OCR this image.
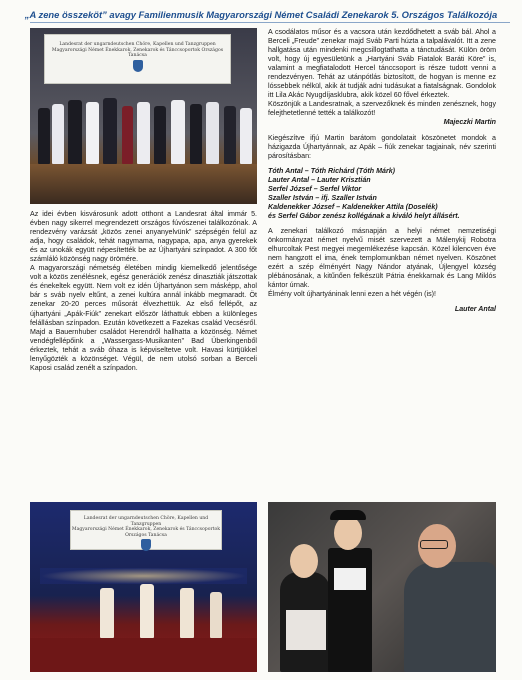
„A zene összeköt” avagy Familienmusik Magyarországi Német Családi Zenekarok 5. Országos Találkozója

Landesrat der ungarndeutschen Chöre, Kapellen und Tanzgruppen
Magyarországi Német Énekkarok, Zenekarok és Tánccsoportok Országos Tanácsa

Az idei évben kisvárosunk adott otthont a Landesrat által immár 5. évben nagy sikerrel megrendezett országos fúvószenei találkozónak. A rendezvény varázsát „közös zenei anyanyelvünk” szépségén felül az adja, hogy családok, tehát nagymama, nagypapa, apa, anya gyerekek és az unokák együtt népesítették be az Újhartyáni színpadot. A 300 főt számláló közönség nagy örömére.

A magyarországi németség életében mindig kiemelkedő jelentősége volt a közös zenélésnek, egész generációk zenész dinasztiák játszottak és énekeltek együtt. Nem volt ez idén Újhartyánon sem másképp, ahol bár s sváb nyelv eltűnt, a zenei kultúra annál inkább megmaradt. Öt zenekar 20-20 perces műsorát élvezhettük. Az első fellépőt, az újhartyáni „Apák-Fiúk” zenekart először láthattuk ebben a különleges felállásban színpadon. Ezután következett a Fazekas család Vecsésről. Majd a Bauernhuber családot Herendről hallhatta a közönség. Német vendégfellépőink a „Wassergass-Musikanten” Bad Überkingenből érkeztek, tehát a sváb óhaza is képviseltetve volt. Havasi kürtjükkel lenyűgözték a közönséget. Végül, de nem utolsó sorban a Berceli Kaposi család zenélt a színpadon.

A csodálatos műsor és a vacsora után kezdődhetett a sváb bál. Ahol a Berceli „Freude” zenekar majd Sváb Parti húzta a talpalávalót. Itt a zene hallgatása után mindenki megcsillogtathatta a tánctudását. Külön öröm volt, hogy új egyesületünk a „Hartyáni Sváb Fiatalok Baráti Köre” is, valamint a megfiatalodott Hercel tánccsoport is része tudott venni a rendezvényen. Tehát az utánpótlás biztosított, de hogyan is menne ez lóssebbek nélkül, akik át tudják adni tudásukat a fiatalságnak. Gondolok itt Lila Akác Nyugdíjasklubra, akik közel 60 fővel érkeztek.

Köszönjük a Landesratnak, a szervezőknek és minden zenésznek, hogy felejthetetlenné tették a találkozót!

Majeczki Martin

Kiegészítve ifjú Martin barátom gondolatait köszönetet mondok a házigazda Újhartyánnak, az Apák – fiúk zenekar tagjainak, név szerinti párosításban:

Tóth Antal – Tóth Richárd (Tóth Márk)

Lauter Antal – Lauter Krisztián

Serfel József – Serfel Viktor

Szaller István – ifj. Szaller István

Kaldenekker József – Kaldenekker Attila (Doselék)

és Serfel Gábor zenész kollégának a kiváló helyt állásért.

A zenekari találkozó másnapján a helyi német nemzetiségi önkormányzat német nyelvű misét szervezett a Málenykij Robotra elhurcoltak Pest megyei megemlékezése kapcsán. Közel kilencven éve nem hangzott el ima, ének templomunkban német nyelven. Köszönet ezért a szép élményért Nagy Nándor atyának, Újlengyel község plébánosának, a kitűnően felkészült Pátria énekkarnak és Lang Miklós kántor úrnak.

Élmény volt újhartyáninak lenni ezen a hét végén (is)!

Lauter Antal

Landesrat der ungarndeutschen Chöre, Kapellen und Tanzgruppen
Magyarországi Német Énekkarok, Zenekarok és Tánccsoportok Országos Tanácsa
